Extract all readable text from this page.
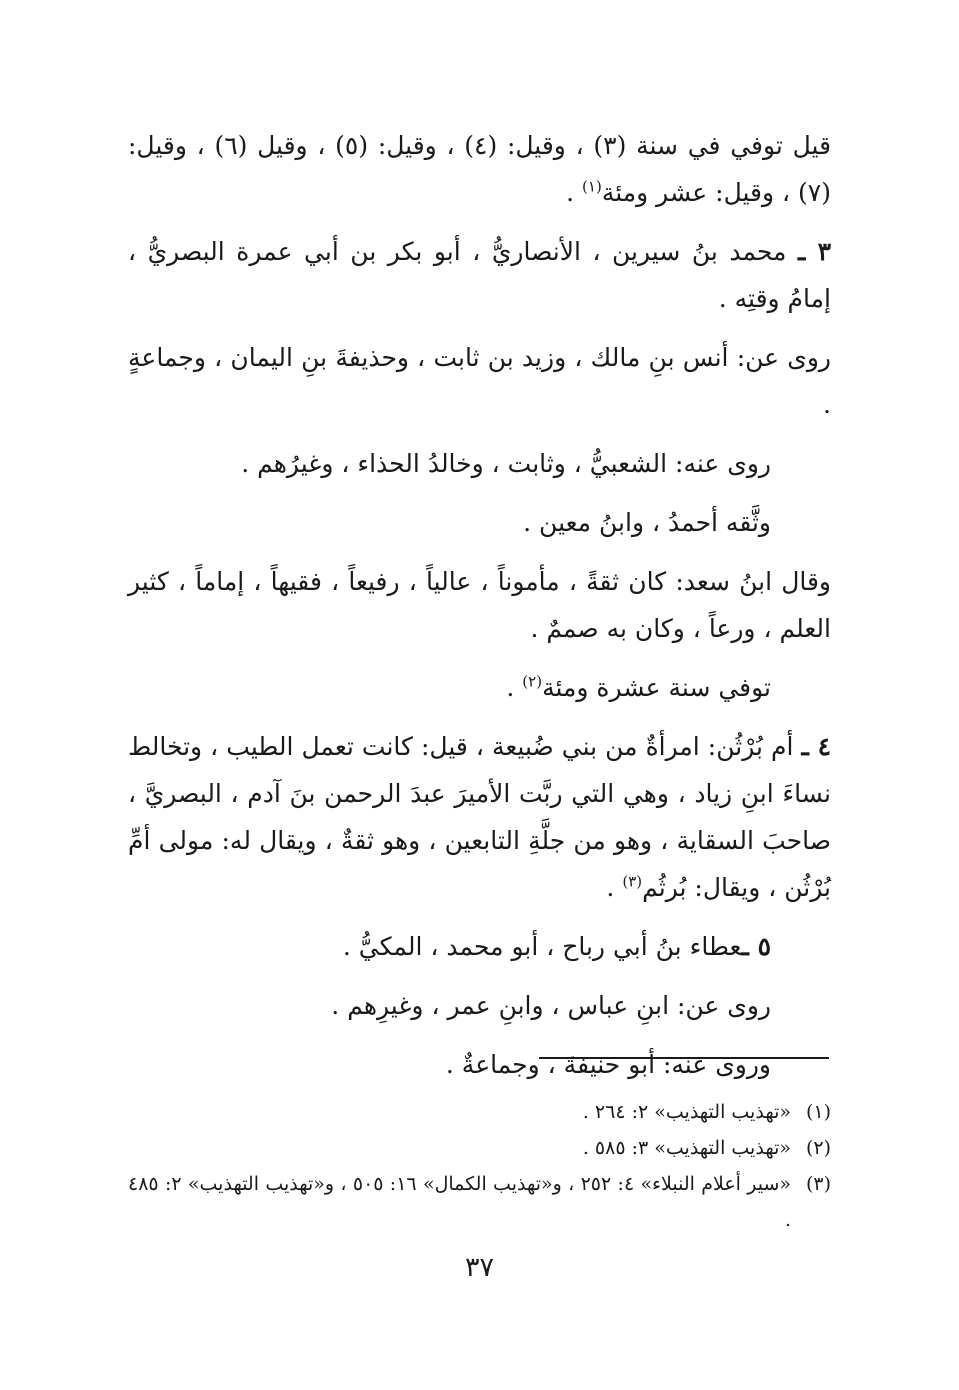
قيل توفي في سنة (٣) ، وقيل: (٤) ، وقيل: (٥) ، وقيل (٦) ، وقيل: (٧) ، وقيل: عشر ومئة$^{(١)}$ .

٣ ـ محمد بنُ سيرين ، الأنصاريُّ ، أبو بكر بن أبي عمرة البصريُّ ، إمامُ وقتِه .

روى عن: أنس بنِ مالك ، وزيد بن ثابت ، وحذيفةَ بنِ اليمان ، وجماعةٍ .

روى عنه: الشعبيُّ ، وثابت ، وخالدُ الحذاء ، وغيرُهم .

وثَّقه أحمدُ ، وابنُ معين .

وقال ابنُ سعد: كان ثقةً ، مأموناً ، عالياً ، رفيعاً ، فقيهاً ، إماماً ، كثير العلم ، ورعاً ، وكان به صممٌ .

توفي سنة عشرة ومئة$^{(٢)}$ .

٤ ـ أم بُرْثُن: امرأةٌ من بني ضُبيعة ، قيل: كانت تعمل الطيب ، وتخالط نساءَ ابنِ زياد ، وهي التي ربَّت الأميرَ عبدَ الرحمن بنَ آدم ، البصريَّ ، صاحبَ السقاية ، وهو من جلَّةِ التابعين ، وهو ثقةٌ ، ويقال له: مولى أمِّ بُرْثُن ، ويقال: بُرثُم$^{(٣)}$ .

٥ ـعطاء بنُ أبي رباح ، أبو محمد ، المكيُّ .

روى عن: ابنِ عباس ، وابنِ عمر ، وغيرِهم .

وروى عنه: أبو حنيفةَ ، وجماعةٌ .

(١)
«تهذيب التهذيب» ٢: ٢٦٤ .
(٢)
«تهذيب التهذيب» ٣: ٥٨٥ .
(٣)
«سير أعلام النبلاء» ٤: ٢٥٢ ، و«تهذيب الكمال» ١٦: ٥٠٥ ، و«تهذيب التهذيب» ٢: ٤٨٥ .
٣٧
